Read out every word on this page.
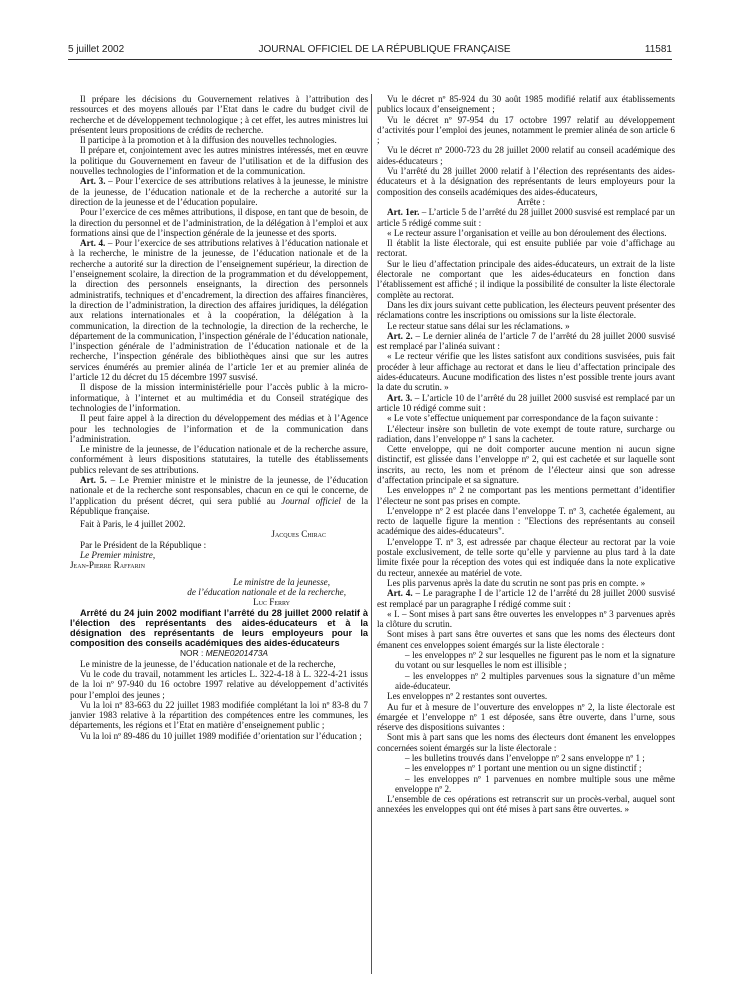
5 juillet 2002	JOURNAL OFFICIEL DE LA RÉPUBLIQUE FRANÇAISE	11581

Il prépare les décisions du Gouvernement relatives à l’attribution des ressources et des moyens alloués par l’Etat dans le cadre du budget civil de recherche et de développement technologique ; à cet effet, les autres ministres lui présentent leurs propositions de crédits de recherche.

Il participe à la promotion et à la diffusion des nouvelles technologies.

Il prépare et, conjointement avec les autres ministres intéressés, met en œuvre la politique du Gouvernement en faveur de l’utilisation et de la diffusion des nouvelles technologies de l’information et de la communication.

Art. 3. – Pour l’exercice de ses attributions relatives à la jeunesse, le ministre de la jeunesse, de l’éducation nationale et de la recherche a autorité sur la direction de la jeunesse et de l’éducation populaire.

Pour l’exercice de ces mêmes attributions, il dispose, en tant que de besoin, de la direction du personnel et de l’administration, de la délégation à l’emploi et aux formations ainsi que de l’inspection générale de la jeunesse et des sports.

Art. 4. – Pour l’exercice de ses attributions relatives à l’éducation nationale et à la recherche, le ministre de la jeunesse, de l’éducation nationale et de la recherche a autorité sur la direction de l’enseignement supérieur, la direction de l’enseignement scolaire, la direction de la programmation et du développement, la direction des personnels enseignants, la direction des personnels administratifs, techniques et d’encadrement, la direction des affaires financières, la direction de l’administration, la direction des affaires juridiques, la délégation aux relations internationales et à la coopération, la délégation à la communication, la direction de la technologie, la direction de la recherche, le département de la communication, l’inspection générale de l’éducation nationale, l’inspection générale de l’administration de l’éducation nationale et de la recherche, l’inspection générale des bibliothèques ainsi que sur les autres services énumérés au premier alinéa de l’article 1er et au premier alinéa de l’article 12 du décret du 15 décembre 1997 susvisé.

Il dispose de la mission interministérielle pour l’accès public à la micro-informatique, à l’internet et au multimédia et du Conseil stratégique des technologies de l’information.

Il peut faire appel à la direction du développement des médias et à l’Agence pour les technologies de l’information et de la communication dans l’administration.

Le ministre de la jeunesse, de l’éducation nationale et de la recherche assure, conformément à leurs dispositions statutaires, la tutelle des établissements publics relevant de ses attributions.

Art. 5. – Le Premier ministre et le ministre de la jeunesse, de l’éducation nationale et de la recherche sont responsables, chacun en ce qui le concerne, de l’application du présent décret, qui sera publié au Journal officiel de la République française.

Fait à Paris, le 4 juillet 2002.

Jacques Chirac

Par le Président de la République :

Le Premier ministre,
Jean-Pierre Raffarin
Le ministre de la jeunesse,
de l’éducation nationale et de la recherche,
Luc Ferry

Arrêté du 24 juin 2002 modifiant l’arrêté du 28 juillet 2000 relatif à l’élection des représentants des aides-éducateurs et à la désignation des représentants de leurs employeurs pour la composition des conseils académiques des aides-éducateurs

NOR : MENE0201473A

Le ministre de la jeunesse, de l’éducation nationale et de la recherche,

Vu le code du travail, notamment les articles L. 322-4-18 à L. 322-4-21 issus de la loi nº 97-940 du 16 octobre 1997 relative au développement d’activités pour l’emploi des jeunes ;

Vu la loi nº 83-663 du 22 juillet 1983 modifiée complétant la loi nº 83-8 du 7 janvier 1983 relative à la répartition des compétences entre les communes, les départements, les régions et l’Etat en matière d’enseignement public ;

Vu la loi nº 89-486 du 10 juillet 1989 modifiée d’orientation sur l’éducation ;

Vu le décret nº 85-924 du 30 août 1985 modifié relatif aux établissements publics locaux d’enseignement ;

Vu le décret nº 97-954 du 17 octobre 1997 relatif au développement d’activités pour l’emploi des jeunes, notamment le premier alinéa de son article 6 ;

Vu le décret nº 2000-723 du 28 juillet 2000 relatif au conseil académique des aides-éducateurs ;

Vu l’arrêté du 28 juillet 2000 relatif à l’élection des représentants des aides-éducateurs et à la désignation des représentants de leurs employeurs pour la composition des conseils académiques des aides-éducateurs,

Arrête :

Art. 1er. – L’article 5 de l’arrêté du 28 juillet 2000 susvisé est remplacé par un article 5 rédigé comme suit :

« Le recteur assure l’organisation et veille au bon déroulement des élections.

Il établit la liste électorale, qui est ensuite publiée par voie d’affichage au rectorat.

Sur le lieu d’affectation principale des aides-éducateurs, un extrait de la liste électorale ne comportant que les aides-éducateurs en fonction dans l’établissement est affiché ; il indique la possibilité de consulter la liste électorale complète au rectorat.

Dans les dix jours suivant cette publication, les électeurs peuvent présenter des réclamations contre les inscriptions ou omissions sur la liste électorale.

Le recteur statue sans délai sur les réclamations. »

Art. 2. – Le dernier alinéa de l’article 7 de l’arrêté du 28 juillet 2000 susvisé est remplacé par l’alinéa suivant :

« Le recteur vérifie que les listes satisfont aux conditions susvisées, puis fait procéder à leur affichage au rectorat et dans le lieu d’affectation principale des aides-éducateurs. Aucune modification des listes n’est possible trente jours avant la date du scrutin. »

Art. 3. – L’article 10 de l’arrêté du 28 juillet 2000 susvisé est remplacé par un article 10 rédigé comme suit :

« Le vote s’effectue uniquement par correspondance de la façon suivante :

L’électeur insère son bulletin de vote exempt de toute rature, surcharge ou radiation, dans l’enveloppe nº 1 sans la cacheter.

Cette enveloppe, qui ne doit comporter aucune mention ni aucun signe distinctif, est glissée dans l’enveloppe nº 2, qui est cachetée et sur laquelle sont inscrits, au recto, les nom et prénom de l’électeur ainsi que son adresse d’affectation principale et sa signature.

Les enveloppes nº 2 ne comportant pas les mentions permettant d’identifier l’électeur ne sont pas prises en compte.

L’enveloppe nº 2 est placée dans l’enveloppe T. nº 3, cachetée également, au recto de laquelle figure la mention : "Elections des représentants au conseil académique des aides-éducateurs".

L’enveloppe T. nº 3, est adressée par chaque électeur au rectorat par la voie postale exclusivement, de telle sorte qu’elle y parvienne au plus tard à la date limite fixée pour la réception des votes qui est indiquée dans la note explicative du recteur, annexée au matériel de vote.

Les plis parvenus après la date du scrutin ne sont pas pris en compte. »

Art. 4. – Le paragraphe I de l’article 12 de l’arrêté du 28 juillet 2000 susvisé est remplacé par un paragraphe I rédigé comme suit :

« I. – Sont mises à part sans être ouvertes les enveloppes nº 3 parvenues après la clôture du scrutin.

Sont mises à part sans être ouvertes et sans que les noms des électeurs dont émanent ces enveloppes soient émargés sur la liste électorale :

– les enveloppes nº 2 sur lesquelles ne figurent pas le nom et la signature du votant ou sur lesquelles le nom est illisible ;

– les enveloppes nº 2 multiples parvenues sous la signature d’un même aide-éducateur.

Les enveloppes nº 2 restantes sont ouvertes.

Au fur et à mesure de l’ouverture des enveloppes nº 2, la liste électorale est émargée et l’enveloppe nº 1 est déposée, sans être ouverte, dans l’urne, sous réserve des dispositions suivantes :

Sont mis à part sans que les noms des électeurs dont émanent les enveloppes concernées soient émargés sur la liste électorale :

– les bulletins trouvés dans l’enveloppe nº 2 sans enveloppe nº 1 ;

– les enveloppes nº 1 portant une mention ou un signe distinctif ;

– les enveloppes nº 1 parvenues en nombre multiple sous une même enveloppe nº 2.

L’ensemble de ces opérations est retranscrit sur un procès-verbal, auquel sont annexées les enveloppes qui ont été mises à part sans être ouvertes. »
